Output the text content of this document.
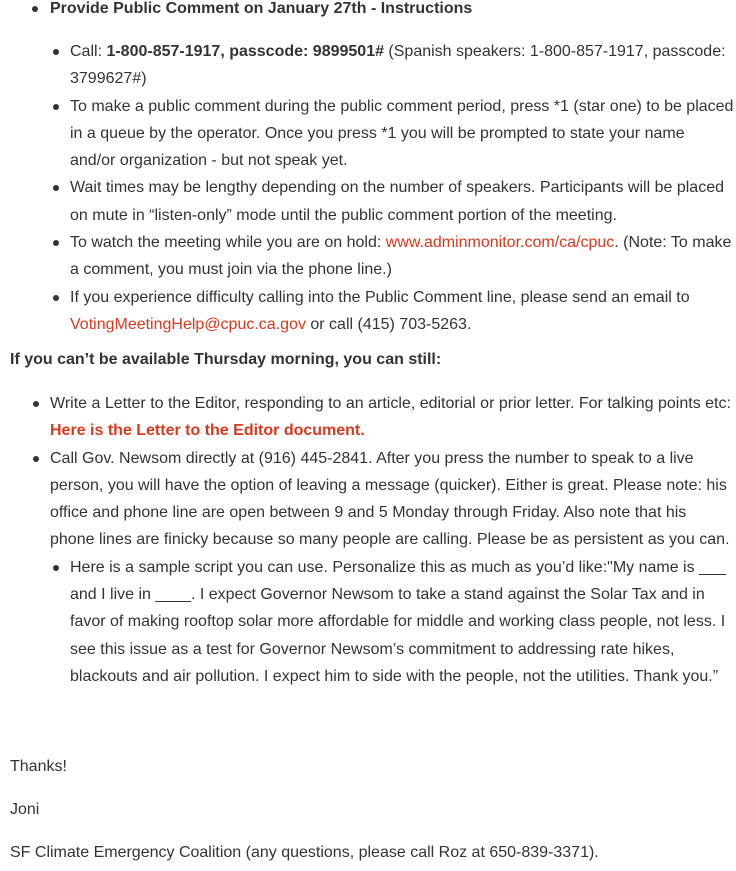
Provide Public Comment on January 27th - Instructions
Call: 1-800-857-1917, passcode: 9899501# (Spanish speakers: 1-800-857-1917, passcode: 3799627#)
To make a public comment during the public comment period, press *1 (star one) to be placed in a queue by the operator. Once you press *1 you will be prompted to state your name and/or organization - but not speak yet.
Wait times may be lengthy depending on the number of speakers. Participants will be placed on mute in “listen-only” mode until the public comment portion of the meeting.
To watch the meeting while you are on hold: www.adminmonitor.com/ca/cpuc. (Note: To make a comment, you must join via the phone line.)
If you experience difficulty calling into the Public Comment line, please send an email to VotingMeetingHelp@cpuc.ca.gov or call (415) 703-5263.
If you can’t be available Thursday morning, you can still:
Write a Letter to the Editor, responding to an article, editorial or prior letter. For talking points etc: Here is the Letter to the Editor document.
Call Gov. Newsom directly at (916) 445-2841. After you press the number to speak to a live person, you will have the option of leaving a message (quicker). Either is great. Please note: his office and phone line are open between 9 and 5 Monday through Friday. Also note that his phone lines are finicky because so many people are calling. Please be as persistent as you can.
Here is a sample script you can use. Personalize this as much as you’d like:"My name is ___ and I live in ____. I expect Governor Newsom to take a stand against the Solar Tax and in favor of making rooftop solar more affordable for middle and working class people, not less. I see this issue as a test for Governor Newsom’s commitment to addressing rate hikes, blackouts and air pollution. I expect him to side with the people, not the utilities. Thank you.”
Thanks!
Joni
SF Climate Emergency Coalition (any questions, please call Roz at 650-839-3371).
